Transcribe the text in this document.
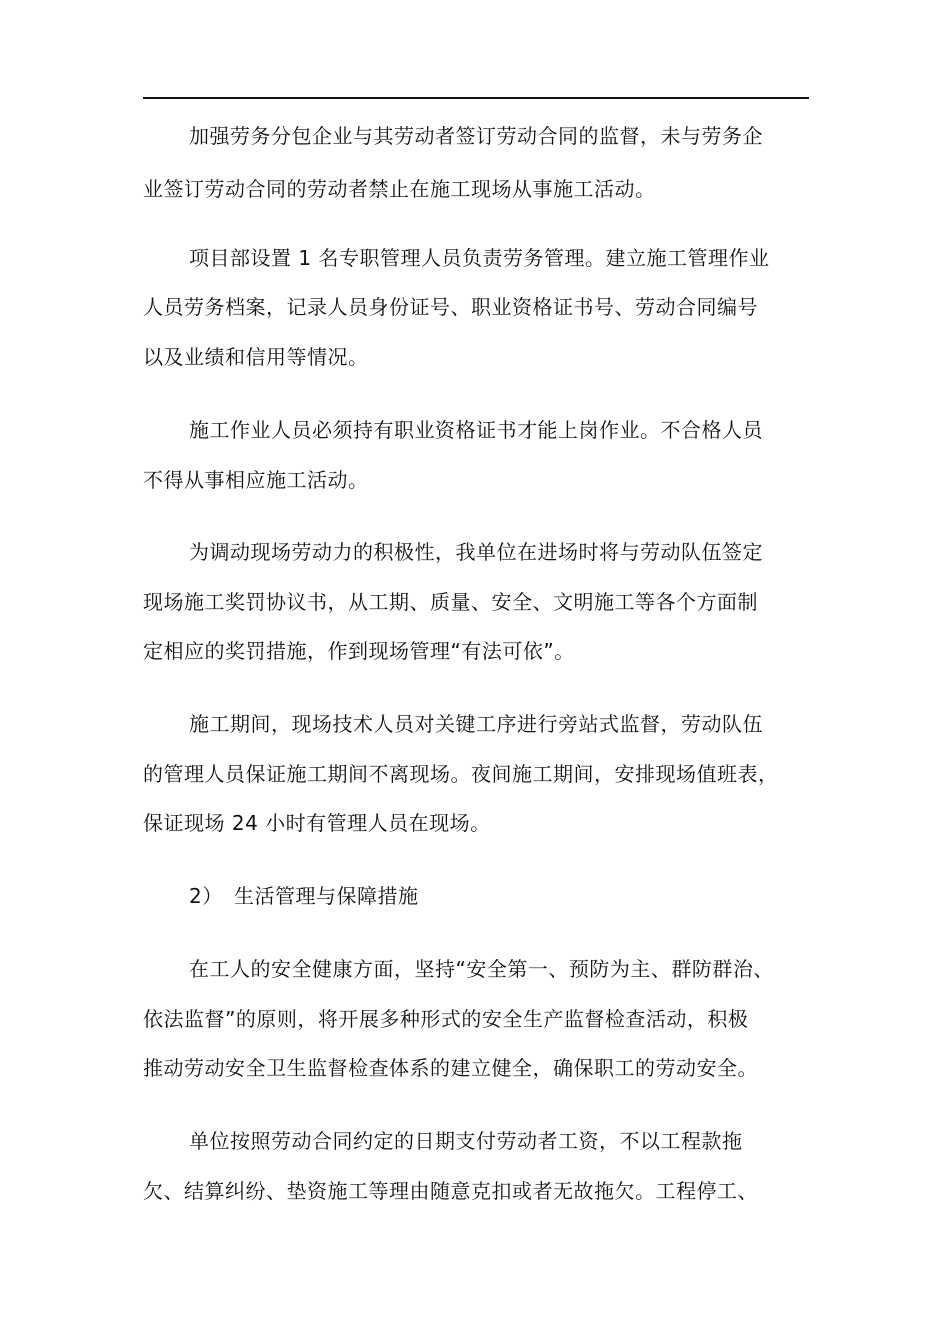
加强劳务分包企业与其劳动者签订劳动合同的监督，未与劳务企
业签订劳动合同的劳动者禁止在施工现场从事施工活动。
项目部设置 1 名专职管理人员负责劳务管理。建立施工管理作业
人员劳务档案，记录人员身份证号、职业资格证书号、劳动合同编号
以及业绩和信用等情况。
施工作业人员必须持有职业资格证书才能上岗作业。不合格人员
不得从事相应施工活动。
为调动现场劳动力的积极性，我单位在进场时将与劳动队伍签定
现场施工奖罚协议书，从工期、质量、安全、文明施工等各个方面制
定相应的奖罚措施，作到现场管理“有法可依”。
施工期间，现场技术人员对关键工序进行旁站式监督，劳动队伍
的管理人员保证施工期间不离现场。夜间施工期间，安排现场值班表，
保证现场 24 小时有管理人员在现场。
2） 生活管理与保障措施
在工人的安全健康方面，坚持“安全第一、预防为主、群防群治、
依法监督”的原则，将开展多种形式的安全生产监督检查活动，积极
推动劳动安全卫生监督检查体系的建立健全，确保职工的劳动安全。
单位按照劳动合同约定的日期支付劳动者工资，不以工程款拖
欠、结算纠纷、垫资施工等理由随意克扣或者无故拖欠。工程停工、
